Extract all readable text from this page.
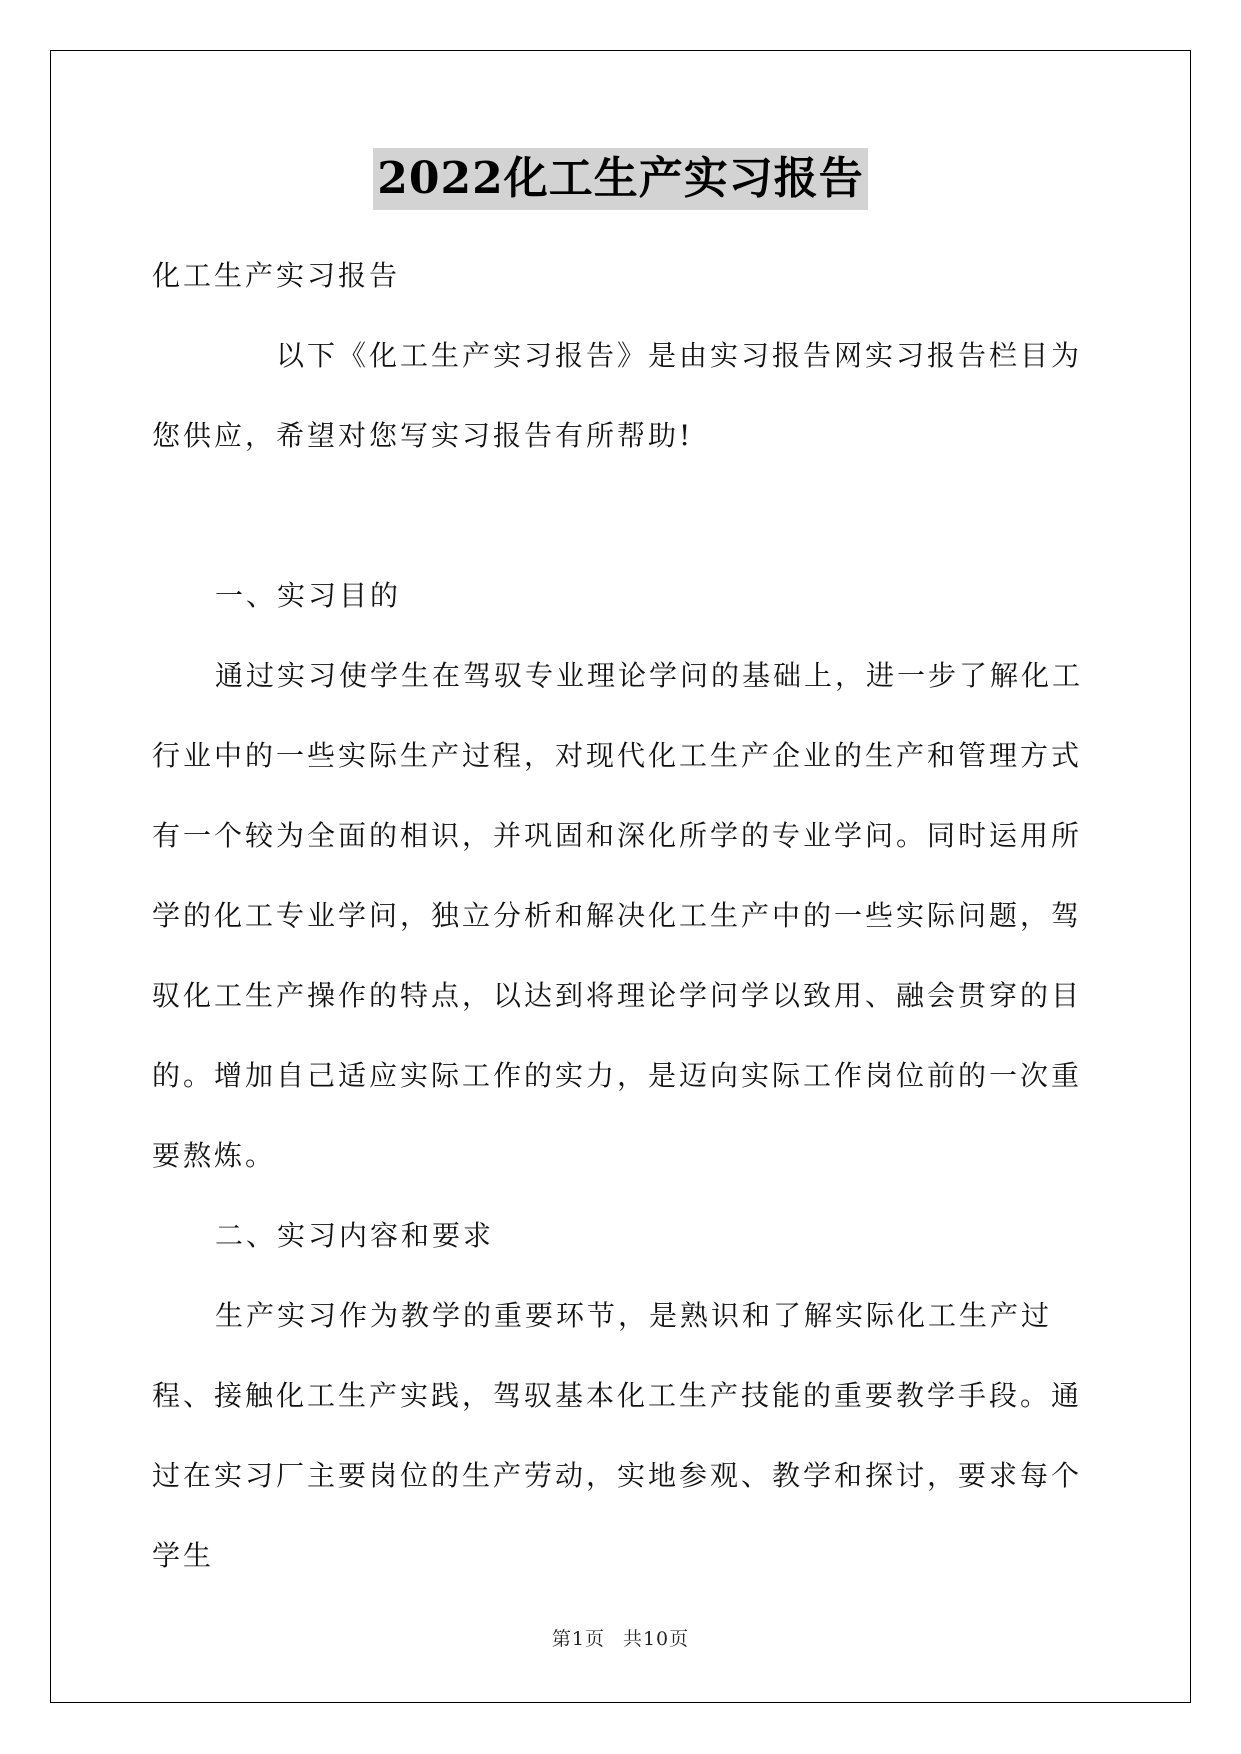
2022化工生产实习报告

化工生产实习报告

以下《化工生产实习报告》是由实习报告网实习报告栏目为

您供应，希望对您写实习报告有所帮助!

一、实习目的

通过实习使学生在驾驭专业理论学问的基础上，进一步了解化工行业中的一些实际生产过程，对现代化工生产企业的生产和管理方式有一个较为全面的相识，并巩固和深化所学的专业学问。同时运用所学的化工专业学问，独立分析和解决化工生产中的一些实际问题，驾驭化工生产操作的特点，以达到将理论学问学以致用、融会贯穿的目的。增加自己适应实际工作的实力，是迈向实际工作岗位前的一次重要熬炼。

二、实习内容和要求

生产实习作为教学的重要环节，是熟识和了解实际化工生产过程、接触化工生产实践，驾驭基本化工生产技能的重要教学手段。通过在实习厂主要岗位的生产劳动，实地参观、教学和探讨，要求每个学生

第1页 共10页
